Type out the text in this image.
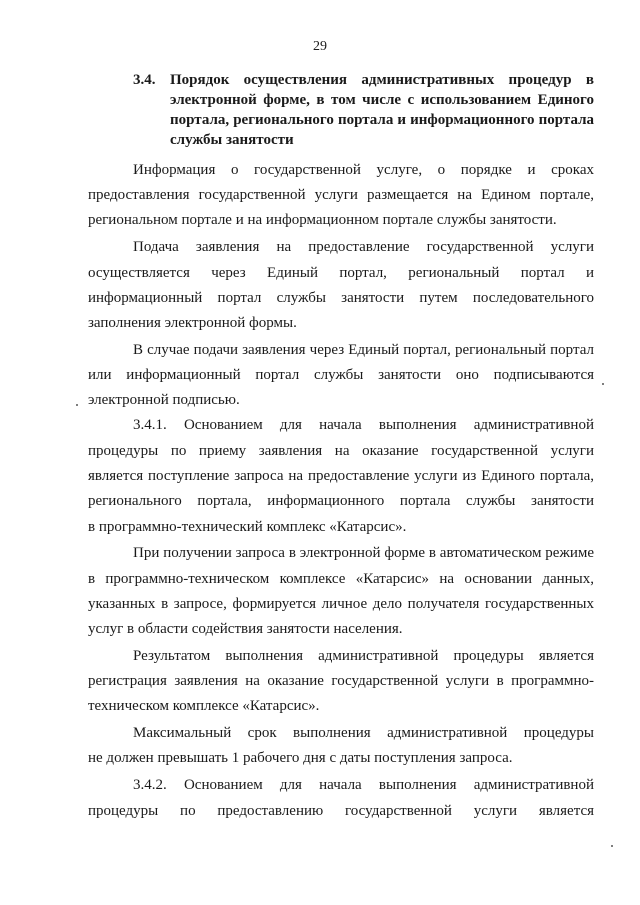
29
3.4. Порядок осуществления административных процедур в
электронной форме, в том числе с использованием Единого
портала, регионального портала и информационного портала
службы занятости
Информация о государственной услуге, о порядке и сроках
предоставления государственной услуги размещается на Едином портале,
региональном портале и на информационном портале службы занятости.
Подача заявления на предоставление государственной услуги
осуществляется через Единый портал, региональный портал и
информационный портал службы занятости путем последовательного
заполнения электронной формы.
В случае подачи заявления через Единый портал, региональный портал
или информационный портал службы занятости оно подписываются
электронной подписью.
3.4.1. Основанием для начала выполнения административной
процедуры по приему заявления на оказание государственной услуги
является поступление запроса на предоставление услуги из Единого портала,
регионального портала, информационного портала службы занятости
в программно-технический комплекс «Катарсис».
При получении запроса в электронной форме в автоматическом режиме
в программно-техническом комплексе «Катарсис» на основании данных,
указанных в запросе, формируется личное дело получателя государственных
услуг в области содействия занятости населения.
Результатом выполнения административной процедуры является
регистрация заявления на оказание государственной услуги в программно-
техническом комплексе «Катарсис».
Максимальный срок выполнения административной процедуры
не должен превышать 1 рабочего дня с даты поступления запроса.
3.4.2. Основанием для начала выполнения административной
процедуры по предоставлению государственной услуги является
